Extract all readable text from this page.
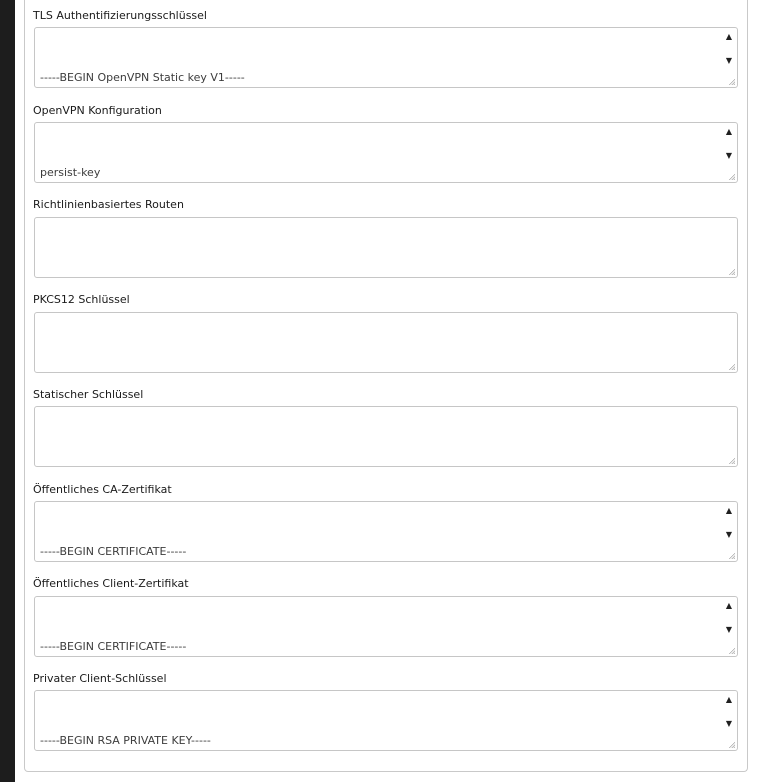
TLS Authentifizierungsschlüssel

-----BEGIN OpenVPN Static key V1-----

▲
▼
OpenVPN Konfiguration

persist-key

▲
▼
Richtlinienbasiertes Routen
PKCS12 Schlüssel
Statischer Schlüssel
Öffentliches CA-Zertifikat

-----BEGIN CERTIFICATE-----

▲
▼
Öffentliches Client-Zertifikat

-----BEGIN CERTIFICATE-----

▲
▼
Privater Client-Schlüssel

-----BEGIN RSA PRIVATE KEY-----

▲
▼
